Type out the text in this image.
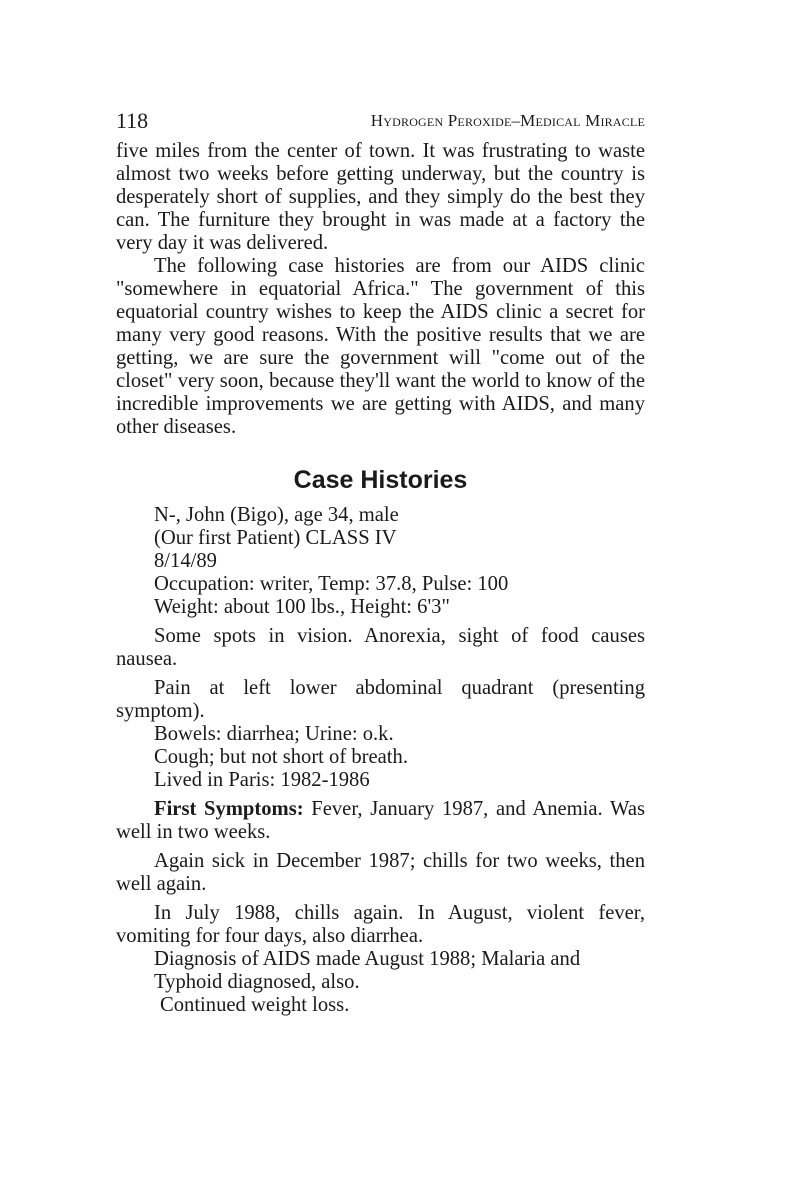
118	Hydrogen Peroxide–Medical Miracle

five miles from the center of town. It was frustrating to waste almost two weeks before getting underway, but the country is desperately short of supplies, and they simply do the best they can. The furniture they brought in was made at a factory the very day it was delivered.

The following case histories are from our AIDS clinic "somewhere in equatorial Africa." The government of this equatorial country wishes to keep the AIDS clinic a secret for many very good reasons. With the positive results that we are getting, we are sure the government will "come out of the closet" very soon, because they'll want the world to know of the incredible improvements we are getting with AIDS, and many other diseases.

Case Histories

N-, John (Bigo), age 34, male

(Our first Patient) CLASS IV

8/14/89

Occupation: writer, Temp: 37.8, Pulse: 100

Weight: about 100 lbs., Height: 6'3"

Some spots in vision. Anorexia, sight of food causes nausea.

Pain at left lower abdominal quadrant (presenting symptom).

Bowels: diarrhea; Urine: o.k.

Cough; but not short of breath.

Lived in Paris: 1982-1986

First Symptoms: Fever, January 1987, and Anemia. Was well in two weeks.

Again sick in December 1987; chills for two weeks, then well again.

In July 1988, chills again. In August, violent fever, vomiting for four days, also diarrhea.

Diagnosis of AIDS made August 1988; Malaria and

Typhoid diagnosed, also.

Continued weight loss.
